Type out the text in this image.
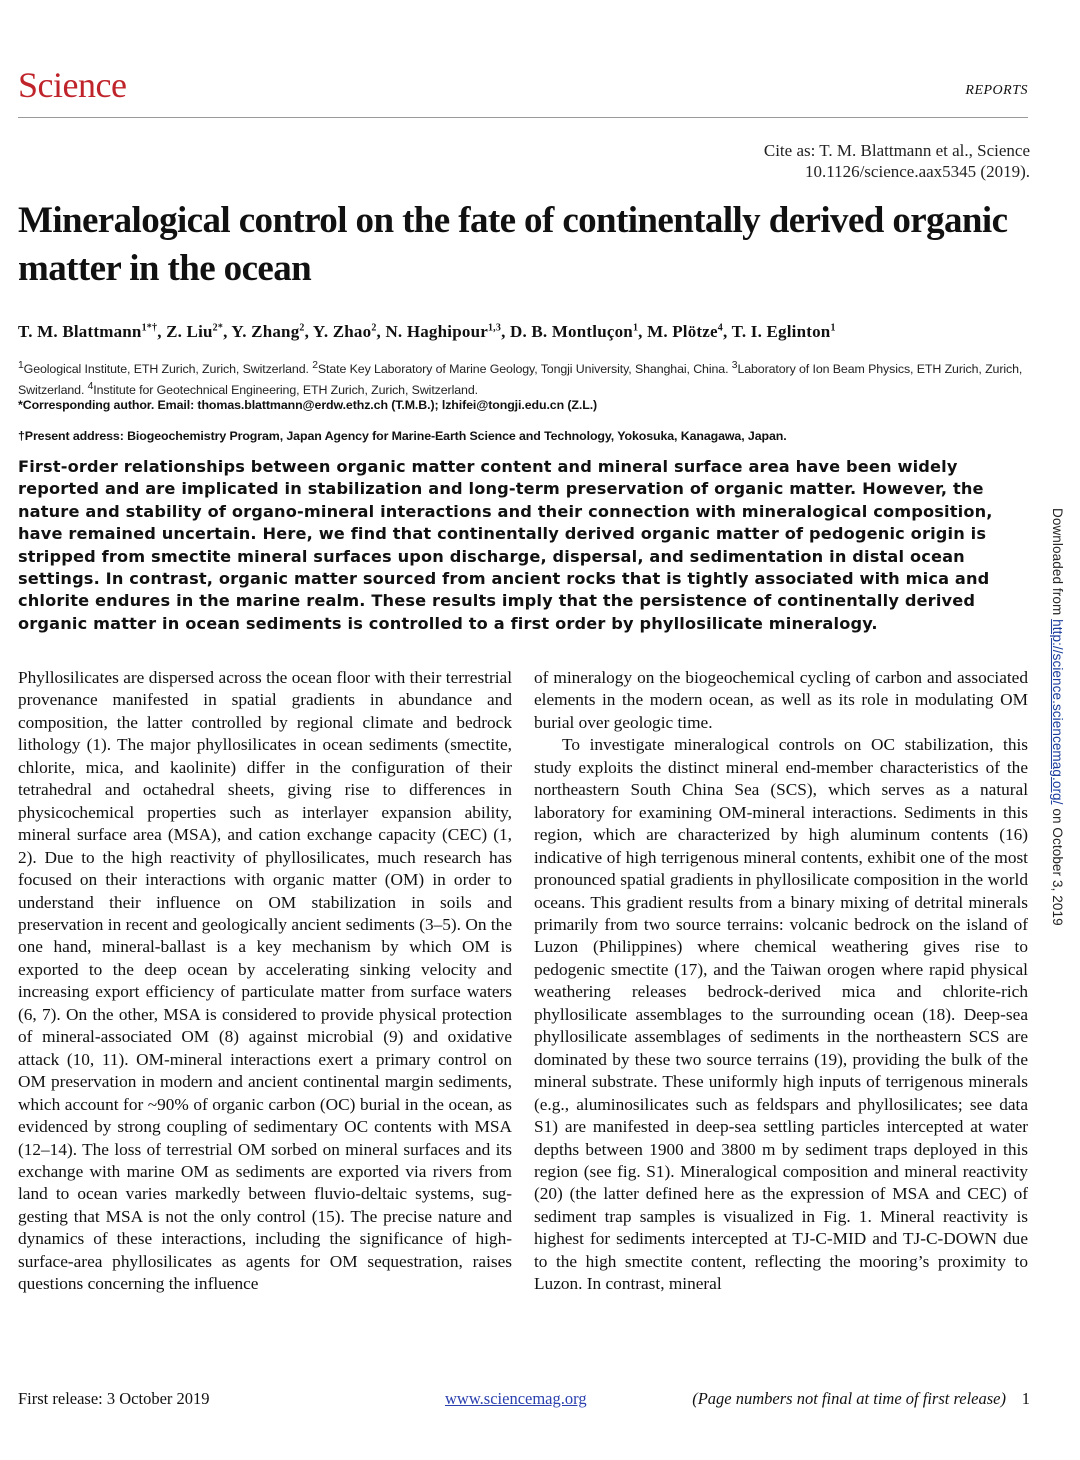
Science	REPORTS
Cite as: T. M. Blattmann et al., Science
10.1126/science.aax5345 (2019).
Mineralogical control on the fate of continentally derived organic matter in the ocean
T. M. Blattmann$^{1*\dagger}$, Z. Liu$^{2*}$, Y. Zhang$^2$, Y. Zhao$^2$, N. Haghipour$^{1,3}$, D. B. Montluçon$^1$, M. Plötze$^4$, T. I. Eglinton$^1$
$^1$Geological Institute, ETH Zurich, Zurich, Switzerland. $^2$State Key Laboratory of Marine Geology, Tongji University, Shanghai, China. $^3$Laboratory of Ion Beam Physics, ETH Zurich, Zurich, Switzerland. $^4$Institute for Geotechnical Engineering, ETH Zurich, Zurich, Switzerland.
*Corresponding author. Email: thomas.blattmann@erdw.ethz.ch (T.M.B.); lzhifei@tongji.edu.cn (Z.L.)
†Present address: Biogeochemistry Program, Japan Agency for Marine-Earth Science and Technology, Yokosuka, Kanagawa, Japan.
First-order relationships between organic matter content and mineral surface area have been widely reported and are implicated in stabilization and long-term preservation of organic matter. However, the nature and stability of organo-mineral interactions and their connection with mineralogical composition, have remained uncertain. Here, we find that continentally derived organic matter of pedogenic origin is stripped from smectite mineral surfaces upon discharge, dispersal, and sedimentation in distal ocean settings. In contrast, organic matter sourced from ancient rocks that is tightly associated with mica and chlorite endures in the marine realm. These results imply that the persistence of continentally derived organic matter in ocean sediments is controlled to a first order by phyllosilicate mineralogy.

Phyllosilicates are dispersed across the ocean floor with their terrestrial provenance manifested in spatial gradients in abundance and composition, the latter controlled by regional climate and bedrock lithology (1). The major phyllosilicates in ocean sediments (smectite, chlorite, mica, and kaolinite) differ in the configuration of their tetrahedral and octahedral sheets, giving rise to differences in physicochemical properties such as interlayer expansion ability, mineral surface area (MSA), and cation exchange capacity (CEC) (1, 2). Due to the high reactivity of phyllosilicates, much research has focused on their interactions with organic matter (OM) in order to understand their influence on OM stabilization in soils and preservation in recent and geologically ancient sediments (3–5). On the one hand, mineral-ballast is a key mechanism by which OM is exported to the deep ocean by accelerating sinking velocity and increasing export efficiency of particulate matter from surface waters (6, 7). On the other, MSA is considered to provide physical protection of mineral-associated OM (8) against microbial (9) and oxidative attack (10, 11). OM-mineral interactions exert a primary control on OM preservation in modern and ancient continental margin sediments, which account for ~90% of organic carbon (OC) burial in the ocean, as evidenced by strong coupling of sedimentary OC contents with MSA (12–14). The loss of terrestrial OM sorbed on mineral surfaces and its exchange with marine OM as sediments are exported via rivers from land to ocean varies markedly between fluvio-deltaic systems, suggesting that MSA is not the only control (15). The precise nature and dynamics of these interactions, including the significance of high-surface-area phyllosilicates as agents for OM sequestration, raises questions concerning the influence

of mineralogy on the biogeochemical cycling of carbon and associated elements in the modern ocean, as well as its role in modulating OM burial over geologic time.

To investigate mineralogical controls on OC stabilization, this study exploits the distinct mineral end-member characteristics of the northeastern South China Sea (SCS), which serves as a natural laboratory for examining OM-mineral interactions. Sediments in this region, which are characterized by high aluminum contents (16) indicative of high terrigenous mineral contents, exhibit one of the most pronounced spatial gradients in phyllosilicate composition in the world oceans. This gradient results from a binary mixing of detrital minerals primarily from two source terrains: volcanic bedrock on the island of Luzon (Philippines) where chemical weathering gives rise to pedogenic smectite (17), and the Taiwan orogen where rapid physical weathering releases bedrock-derived mica and chlorite-rich phyllosilicate assemblages to the surrounding ocean (18). Deep-sea phyllosilicate assemblages of sediments in the northeastern SCS are dominated by these two source terrains (19), providing the bulk of the mineral substrate. These uniformly high inputs of terrigenous minerals (e.g., aluminosilicates such as feldspars and phyllosilicates; see data S1) are manifested in deep-sea settling particles intercepted at water depths between 1900 and 3800 m by sediment traps deployed in this region (see fig. S1). Mineralogical composition and mineral reactivity (20) (the latter defined here as the expression of MSA and CEC) of sediment trap samples is visualized in Fig. 1. Mineral reactivity is highest for sediments intercepted at TJ-C-MID and TJ-C-DOWN due to the high smectite content, reflecting the mooring’s proximity to Luzon. In contrast, mineral

Downloaded from http://science.sciencemag.org/ on October 3, 2019
First release: 3 October 2019	www.sciencemag.org	(Page numbers not final at time of first release) 1
